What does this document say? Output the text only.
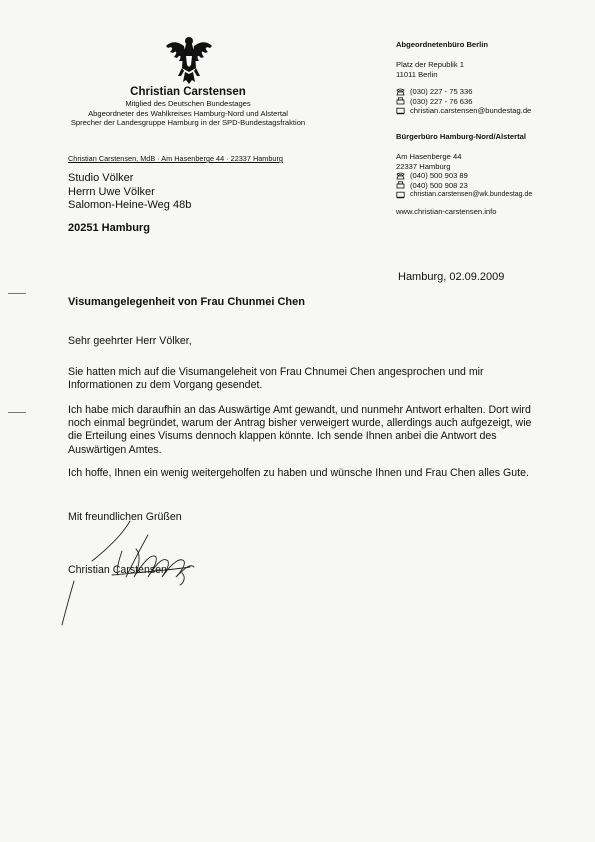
Christian Carstensen
Mitglied des Deutschen Bundestages
Abgeordneter des Wahlkreises Hamburg-Nord und Alstertal
Sprecher der Landesgruppe Hamburg in der SPD-Bundestagsfraktion
Abgeordnetenbüro Berlin
Platz der Republik 1
11011 Berlin
(030) 227 - 75 336
(030) 227 - 76 636
christian.carstensen@bundestag.de
Bürgerbüro Hamburg-Nord/Alstertal
Am Hasenberge 44
22337 Hamburg
(040) 500 903 89
(040) 500 908 23
christian.carstensen@wk.bundestag.de
www.christian-carstensen.info
Christian Carstensen, MdB · Am Hasenberge 44 · 22337 Hamburg
Studio Völker
Herrn Uwe Völker
Salomon-Heine-Weg 48b
20251 Hamburg
Hamburg, 02.09.2009
Visumangelegenheit von Frau Chunmei Chen
Sehr geehrter Herr Völker,
Sie hatten mich auf die Visumangeleheit von Frau Chnumei Chen angesprochen und mir Informationen zu dem Vorgang gesendet.
Ich habe mich daraufhin an das Auswärtige Amt gewandt, und nunmehr Antwort erhalten. Dort wird noch einmal begründet, warum der Antrag bisher verweigert wurde, allerdings auch aufgezeigt, wie die Erteilung eines Visums dennoch klappen könnte. Ich sende Ihnen anbei die Antwort des Auswärtigen Amtes.
Ich hoffe, Ihnen ein wenig weitergeholfen zu haben und wünsche Ihnen und Frau Chen alles Gute.
Mit freundlichen Grüßen
Christian Carstensen
